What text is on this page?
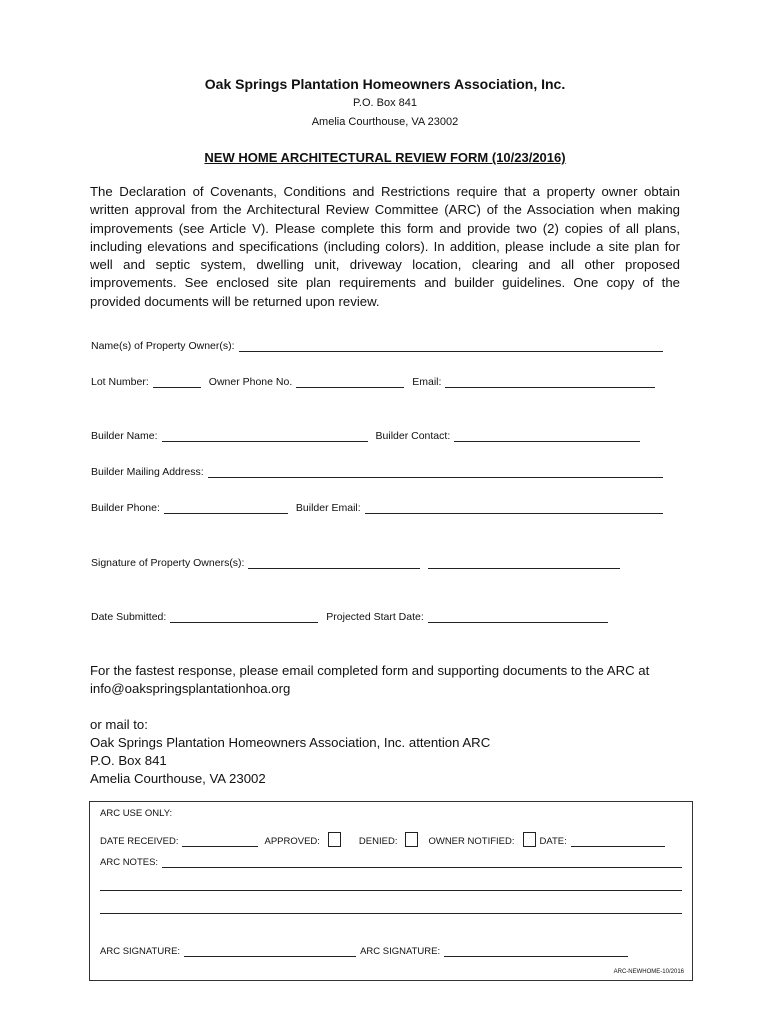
Oak Springs Plantation Homeowners Association, Inc.
P.O. Box 841
Amelia Courthouse, VA 23002
NEW HOME ARCHITECTURAL REVIEW FORM (10/23/2016)
The Declaration of Covenants, Conditions and Restrictions require that a property owner obtain written approval from the Architectural Review Committee (ARC) of the Association when making improvements (see Article V). Please complete this form and provide two (2) copies of all plans, including elevations and specifications (including colors). In addition, please include a site plan for well and septic system, dwelling unit, driveway location, clearing and all other proposed improvements. See enclosed site plan requirements and builder guidelines. One copy of the provided documents will be returned upon review.
Name(s) of Property Owner(s):
Lot Number:	Owner Phone No.	Email:
Builder Name:	Builder Contact:
Builder Mailing Address:
Builder Phone:	Builder Email:
Signature of Property Owners(s):
Date Submitted:	Projected Start Date:
For the fastest response, please email completed form and supporting documents to the ARC at
info@oakspringsplantationhoa.org
or mail to:
Oak Springs Plantation Homeowners Association, Inc. attention ARC
P.O. Box 841
Amelia Courthouse, VA 23002
ARC USE ONLY:
DATE RECEIVED:	APPROVED:	DENIED:	OWNER NOTIFIED:	DATE:
ARC NOTES:
ARC SIGNATURE:	ARC SIGNATURE:
ARC-NEWHOME-10/2016
